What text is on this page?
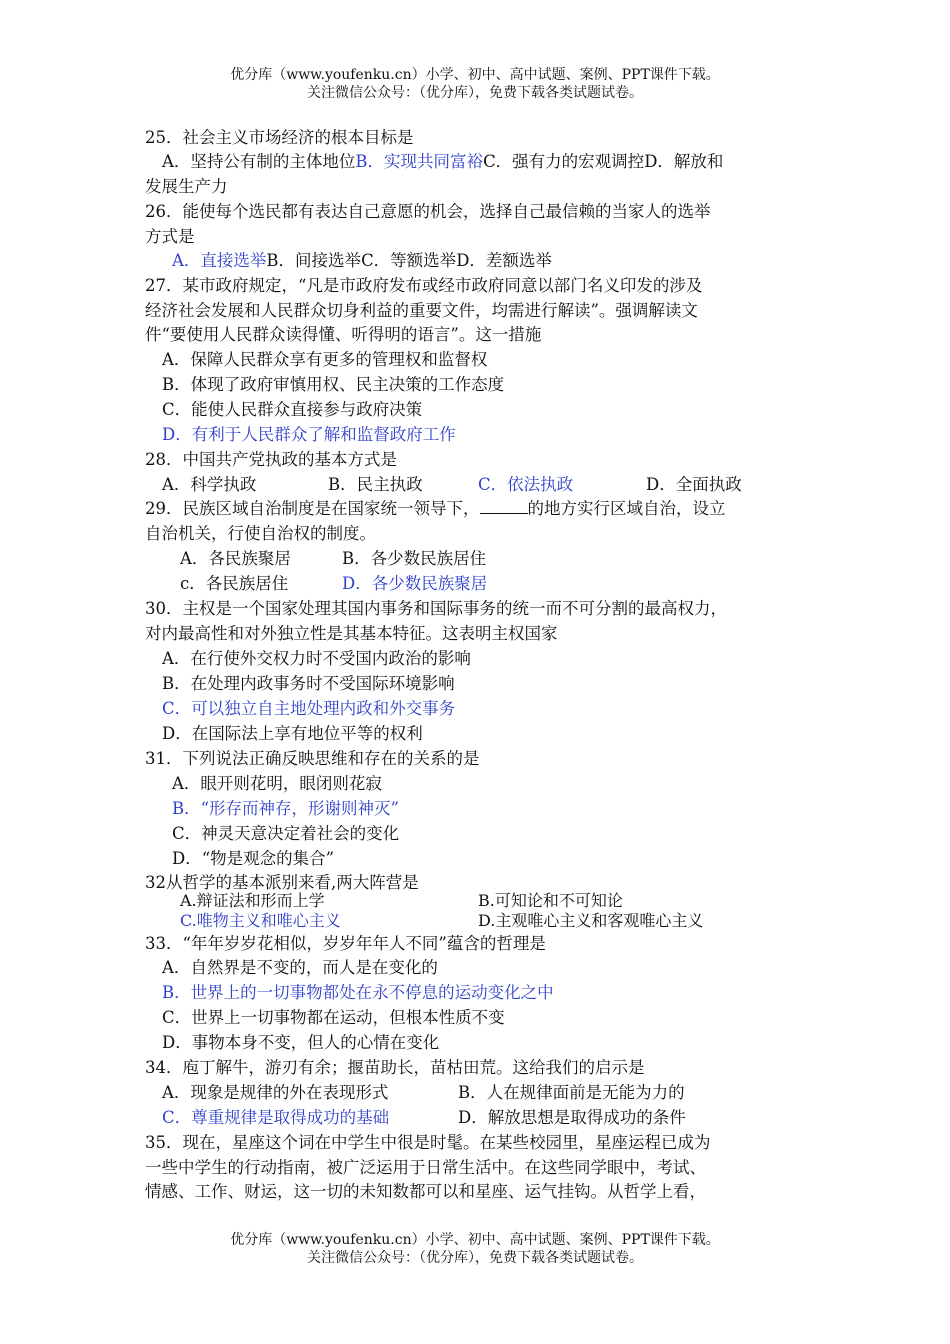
优分库（www.youfenku.cn）小学、初中、高中试题、案例、PPT课件下载。
关注微信公众号：（优分库），免费下载各类试题试卷。
25．社会主义市场经济的根本目标是
A．坚持公有制的主体地位B．实现共同富裕C．强有力的宏观调控D．解放和
发展生产力
26．能使每个选民都有表达自己意愿的机会，选择自己最信赖的当家人的选举
方式是
A．直接选举B．间接选举C．等额选举D．差额选举
27．某市政府规定，“凡是市政府发布或经市政府同意以部门名义印发的涉及
经济社会发展和人民群众切身利益的重要文件，均需进行解读”。强调解读文
件“要使用人民群众读得懂、听得明的语言”。这一措施
A．保障人民群众享有更多的管理权和监督权
B．体现了政府审慎用权、民主决策的工作态度
C．能使人民群众直接参与政府决策
D．有利于人民群众了解和监督政府工作
28．中国共产党执政的基本方式是
A．科学执政	B．民主执政	C．依法执政	D．全面执政
29．民族区域自治制度是在国家统一领导下，	的地方实行区域自治，设立
自治机关，行使自治权的制度。
A．各民族聚居	B．各少数民族居住
c．各民族居住	D．各少数民族聚居
30．主权是一个国家处理其国内事务和国际事务的统一而不可分割的最高权力，
对内最高性和对外独立性是其基本特征。这表明主权国家
A．在行使外交权力时不受国内政治的影响
B．在处理内政事务时不受国际环境影响
C．可以独立自主地处理内政和外交事务
D．在国际法上享有地位平等的权利
31．下列说法正确反映思维和存在的关系的是
A．眼开则花明，眼闭则花寂
B．“形存而神存，形谢则神灭”
C．神灵天意决定着社会的变化
D．“物是观念的集合”
32从哲学的基本派别来看,两大阵营是
A.辩证法和形而上学	B.可知论和不可知论
C.唯物主义和唯心主义	D.主观唯心主义和客观唯心主义
33．“年年岁岁花相似，岁岁年年人不同”蕴含的哲理是
A．自然界是不变的，而人是在变化的
B．世界上的一切事物都处在永不停息的运动变化之中
C．世界上一切事物都在运动，但根本性质不变
D．事物本身不变，但人的心情在变化
34．庖丁解牛，游刃有余；揠苗助长，苗枯田荒。这给我们的启示是
A．现象是规律的外在表现形式	B．人在规律面前是无能为力的
C．尊重规律是取得成功的基础	D．解放思想是取得成功的条件
35．现在，星座这个词在中学生中很是时髦。在某些校园里，星座运程已成为
一些中学生的行动指南，被广泛运用于日常生活中。在这些同学眼中，考试、
情感、工作、财运，这一切的未知数都可以和星座、运气挂钩。从哲学上看，
优分库（www.youfenku.cn）小学、初中、高中试题、案例、PPT课件下载。
关注微信公众号：（优分库），免费下载各类试题试卷。
